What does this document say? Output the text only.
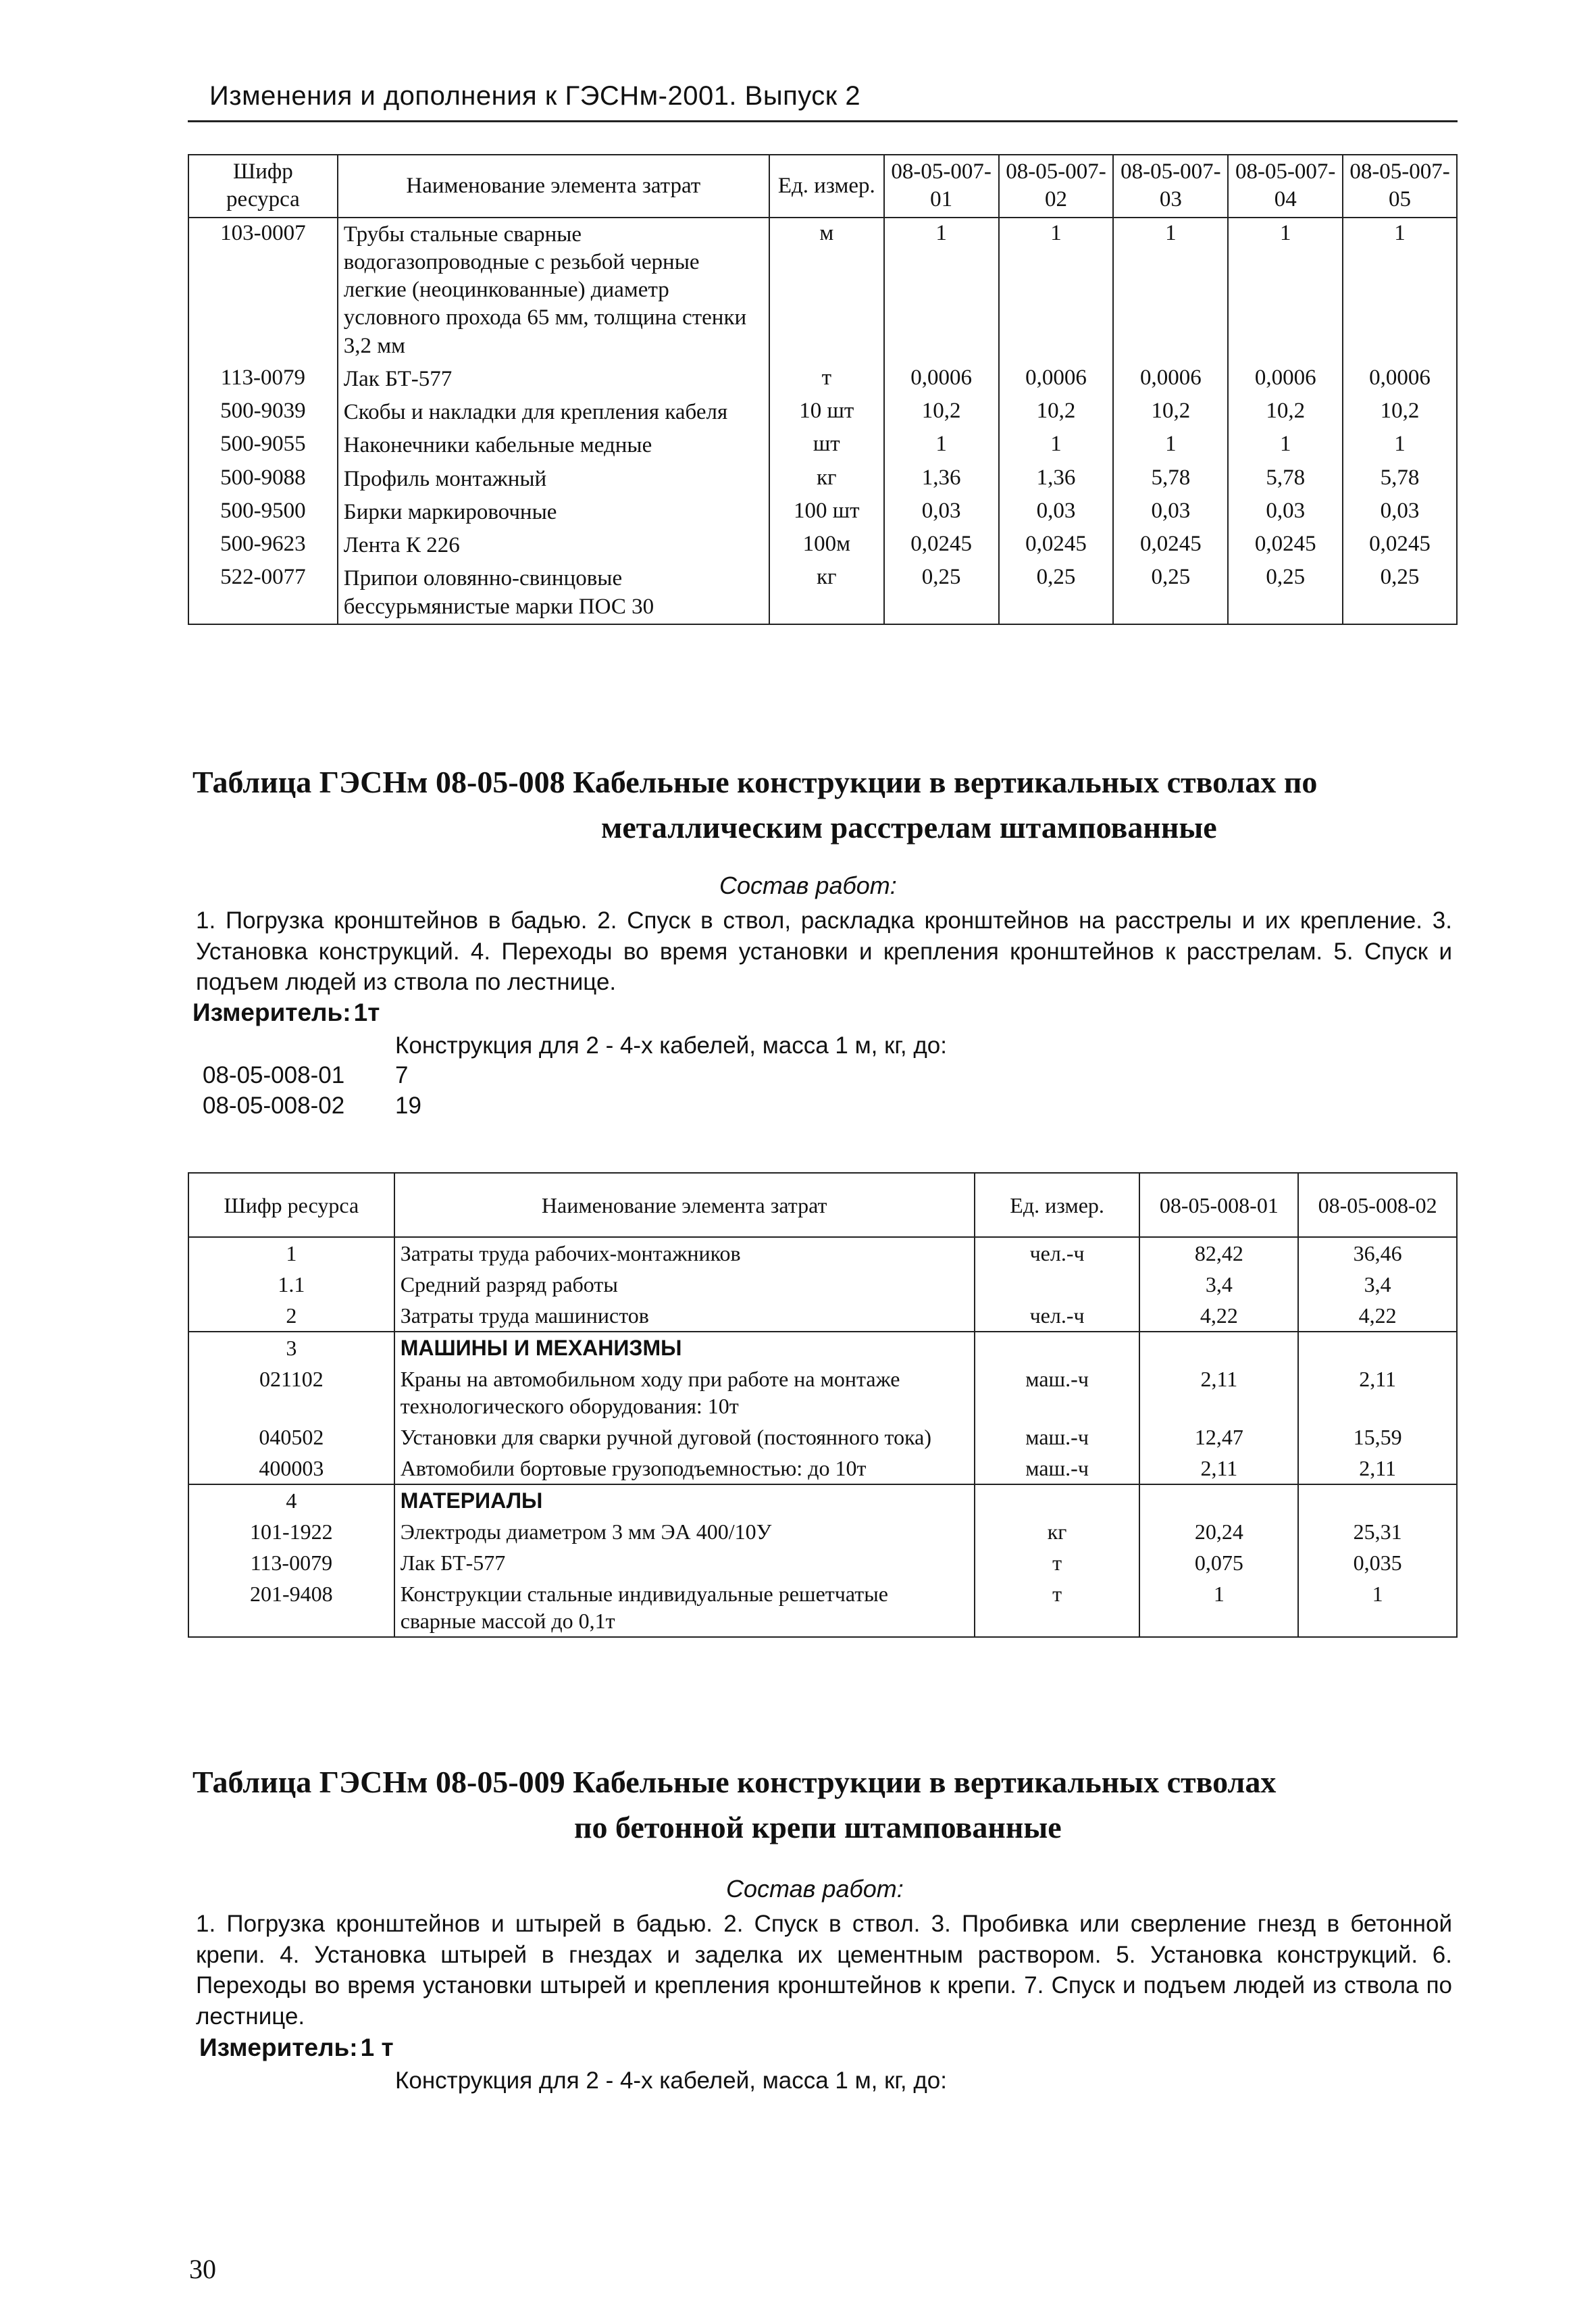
Изменения и дополнения к ГЭСНм-2001. Выпуск 2
Шифр ресурса	Наименование элемента затрат	Ед. измер.	08-05-007-01	08-05-007-02	08-05-007-03	08-05-007-04	08-05-007-05
103-0007	Трубы стальные сварные водогазопроводные с резьбой черные легкие (неоцинкованные) диаметр условного прохода 65 мм, толщина стенки 3,2 мм	м	1	1	1	1	1
113-0079	Лак БТ-577	т	0,0006	0,0006	0,0006	0,0006	0,0006
500-9039	Скобы и накладки для крепления кабеля	10 шт	10,2	10,2	10,2	10,2	10,2
500-9055	Наконечники кабельные медные	шт	1	1	1	1	1
500-9088	Профиль монтажный	кг	1,36	1,36	5,78	5,78	5,78
500-9500	Бирки маркировочные	100 шт	0,03	0,03	0,03	0,03	0,03
500-9623	Лента К 226	100м	0,0245	0,0245	0,0245	0,0245	0,0245
522-0077	Припои оловянно-свинцовые бессурьмянистые марки ПОС 30	кг	0,25	0,25	0,25	0,25	0,25
Таблица ГЭСНм 08-05-008 Кабельные конструкции в вертикальных стволах по
металлическим расстрелам штампованные
Состав работ:
1. Погрузка кронштейнов в бадью. 2. Спуск в ствол, раскладка кронштейнов на расстрелы и их крепление. 3. Установка конструкций. 4. Переходы во время установки и крепления кронштейнов к расстрелам. 5. Спуск и подъем людей из ствола по лестнице.
Измеритель: 1т
Конструкция для 2 - 4-х кабелей, масса 1 м, кг, до:
08-05-008-01 7
08-05-008-02 19
Шифр ресурса	Наименование элемента затрат	Ед. измер.	08-05-008-01	08-05-008-02
1	Затраты труда рабочих-монтажников	чел.-ч	82,42	36,46
1.1	Средний разряд работы		3,4	3,4
2	Затраты труда машинистов	чел.-ч	4,22	4,22
3	МАШИНЫ И МЕХАНИЗМЫ			
021102	Краны на автомобильном ходу при работе на монтаже технологического оборудования: 10т	маш.-ч	2,11	2,11
040502	Установки для сварки ручной дуговой (постоянного тока)	маш.-ч	12,47	15,59
400003	Автомобили бортовые грузоподъемностью: до 10т	маш.-ч	2,11	2,11
4	МАТЕРИАЛЫ			
101-1922	Электроды диаметром 3 мм ЭА 400/10У	кг	20,24	25,31
113-0079	Лак БТ-577	т	0,075	0,035
201-9408	Конструкции стальные индивидуальные решетчатые сварные массой до 0,1т	т	1	1
Таблица ГЭСНм 08-05-009 Кабельные конструкции в вертикальных стволах
по бетонной крепи штампованные
Состав работ:
1. Погрузка кронштейнов и штырей в бадью. 2. Спуск в ствол. 3. Пробивка или сверление гнезд в бетонной крепи. 4. Установка штырей в гнездах и заделка их цементным раствором. 5. Установка конструкций. 6. Переходы во время установки штырей и крепления кронштейнов к крепи. 7. Спуск и подъем людей из ствола по лестнице.
Измеритель: 1 т
Конструкция для 2 - 4-х кабелей, масса 1 м, кг, до:
30
